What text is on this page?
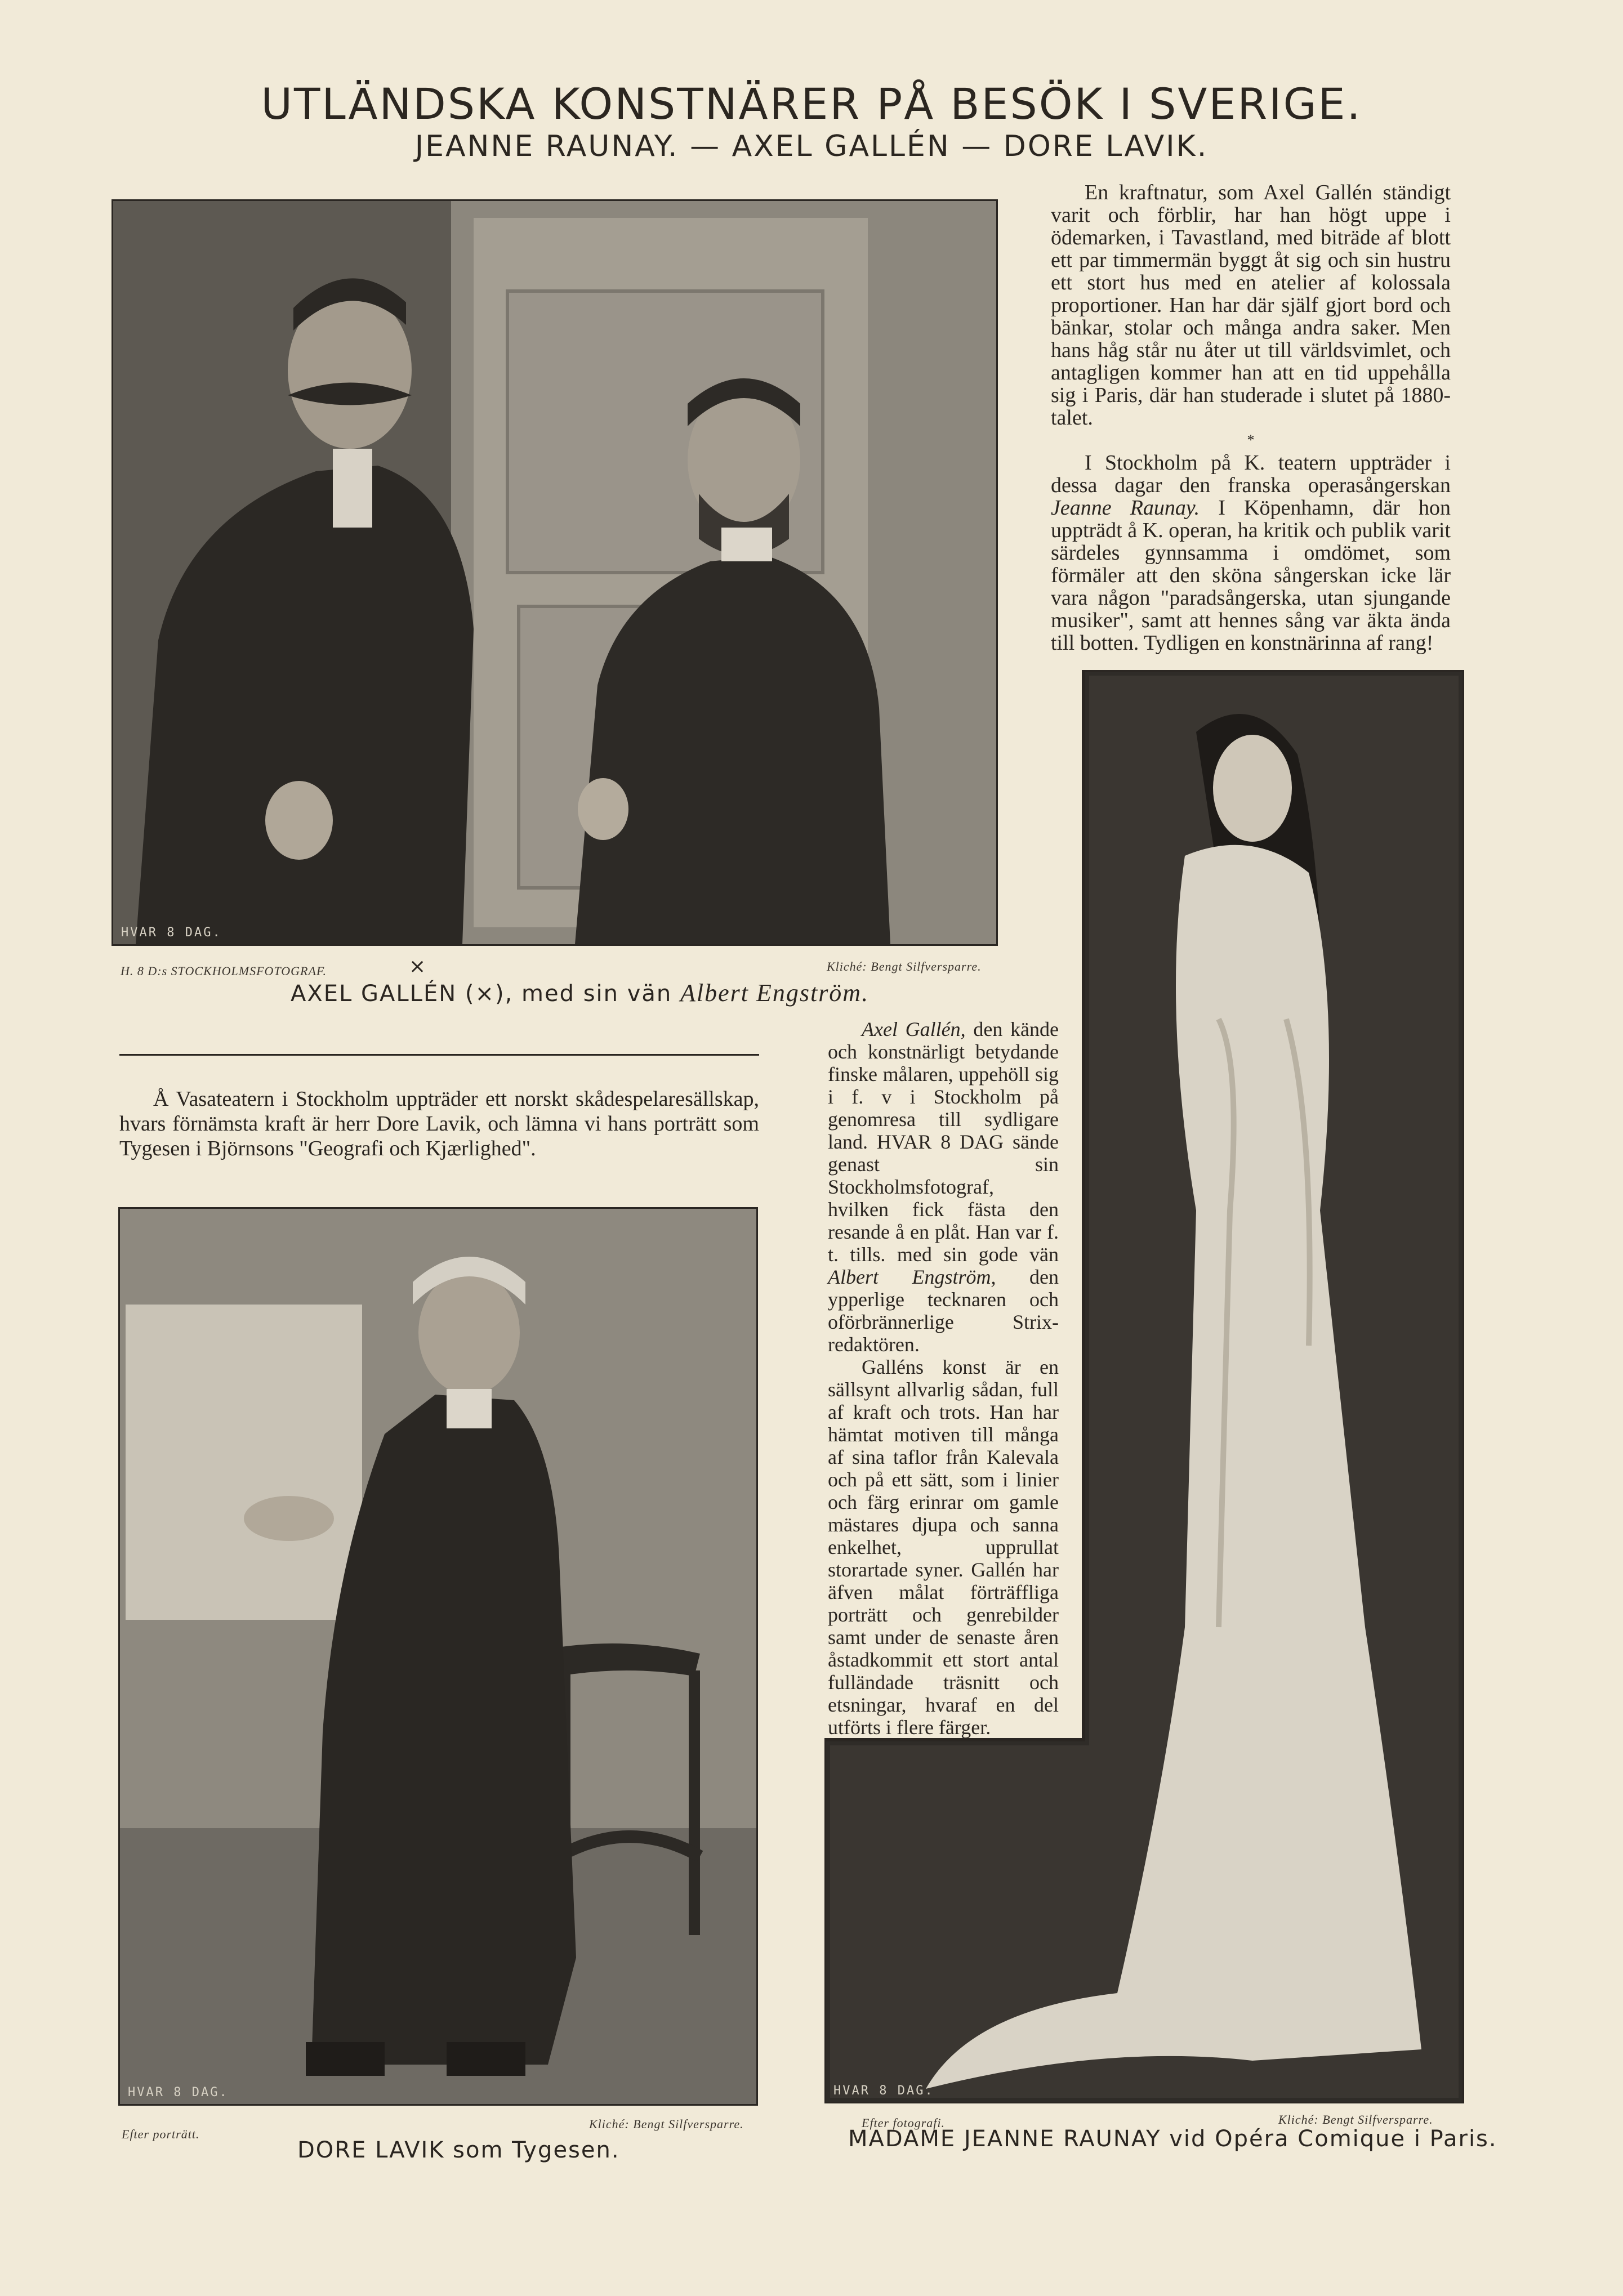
UTLÄNDSKA KONSTNÄRER PÅ BESÖK I SVERIGE.
JEANNE RAUNAY. — AXEL GALLÉN — DORE LAVIK.
HVAR 8 DAG.
H. 8 D:s STOCKHOLMSFOTOGRAF.	×	Kliché: Bengt Silfversparre.
AXEL GALLÉN (×), med sin vän Albert Engström.

En kraftnatur, som Axel Gallén ständigt varit och förblir, har han högt uppe i ödemarken, i Tavastland, med biträde af blott ett par timmermän byggt åt sig och sin hustru ett stort hus med en atelier af kolossala proportioner. Han har där själf gjort bord och bänkar, stolar och många andra saker. Men hans håg står nu åter ut till världsvimlet, och antagligen kommer han att en tid uppehålla sig i Paris, där han studerade i slutet på 1880-talet.

*

I Stockholm på K. teatern uppträder i dessa dagar den franska operasångerskan Jeanne Raunay. I Köpenhamn, där hon uppträdt å K. operan, ha kritik och publik varit särdeles gynnsamma i omdömet, som förmäler att den sköna sångerskan icke lär vara någon "paradsångerska, utan sjungande musiker", samt att hennes sång var äkta ända till botten. Tydligen en konstnärinna af rang!

Å Vasateatern i Stockholm uppträder ett norskt skådespelaresällskap, hvars förnämsta kraft är herr Dore Lavik, och lämna vi hans porträtt som Tygesen i Björnsons "Geografi och Kjærlighed".

Axel Gallén, den kände och konstnärligt betydande finske målaren, uppehöll sig i f. v i Stockholm på genomresa till sydligare land. HVAR 8 DAG sände genast sin Stockholmsfotograf, hvilken fick fästa den resande å en plåt. Han var f. t. tills. med sin gode vän Albert Engström, den ypperlige tecknaren och oförbrännerlige Strix-redaktören.

Galléns konst är en sällsynt allvarlig sådan, full af kraft och trots. Han har hämtat motiven till många af sina taflor från Kalevala och på ett sätt, som i linier och färg erinrar om gamle mästares djupa och sanna enkelhet, upprullat storartade syner. Gallén har äfven målat förträffliga porträtt och genrebilder samt under de senaste åren åstadkommit ett stort antal fulländade träsnitt och etsningar, hvaraf en del utförts i flere färger.

HVAR 8 DAG.
Efter porträtt.
Kliché: Bengt Silfversparre.
DORE LAVIK som Tygesen.
HVAR 8 DAG.
Efter fotografi.	Kliché: Bengt Silfversparre.
MADAME JEANNE RAUNAY vid Opéra Comique i Paris.
